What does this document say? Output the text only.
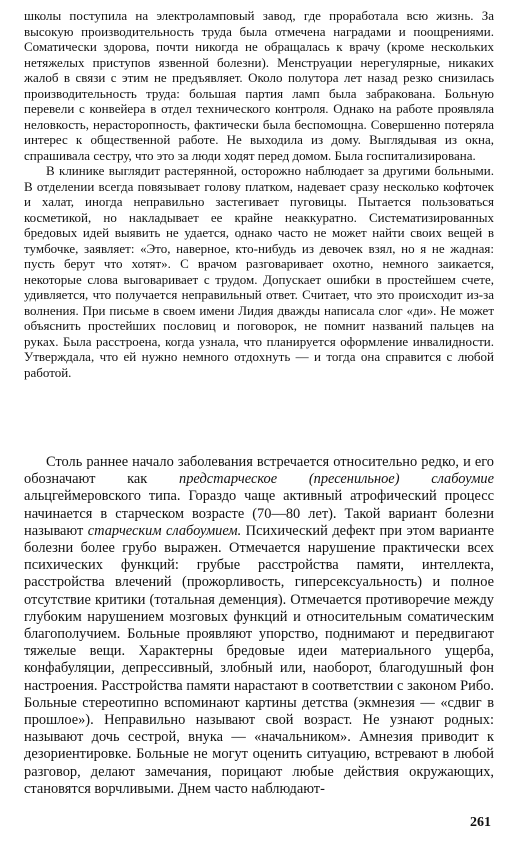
школы поступила на электроламповый завод, где проработала всю жизнь. За высокую производительность труда была отмечена наградами и поощрениями. Соматически здорова, почти никогда не обращалась к врачу (кроме нескольких нетяжелых приступов язвенной болезни). Менструации нерегулярные, никаких жалоб в связи с этим не предъявляет. Около полутора лет назад резко снизилась производительность труда: большая партия ламп была забракована. Больную перевели с конвейера в отдел технического контроля. Однако на работе проявляла неловкость, нерасторопность, фактически была беспомощна. Совершенно потеряла интерес к общественной работе. Не выходила из дому. Выглядывая из окна, спрашивала сестру, что это за люди ходят перед домом. Была госпитализирована.

В клинике выглядит растерянной, осторожно наблюдает за другими больными. В отделении всегда повязывает голову платком, надевает сразу несколько кофточек и халат, иногда неправильно застегивает пуговицы. Пытается пользоваться косметикой, но накладывает ее крайне неаккуратно. Систематизированных бредовых идей выявить не удается, однако часто не может найти своих вещей в тумбочке, заявляет: «Это, наверное, кто-нибудь из девочек взял, но я не жадная: пусть берут что хотят». С врачом разговаривает охотно, немного заикается, некоторые слова выговаривает с трудом. Допускает ошибки в простейшем счете, удивляется, что получается неправильный ответ. Считает, что это происходит из-за волнения. При письме в своем имени Лидия дважды написала слог «ди». Не может объяснить простейших пословиц и поговорок, не помнит названий пальцев на руках. Была расстроена, когда узнала, что планируется оформление инвалидности. Утверждала, что ей нужно немного отдохнуть — и тогда она справится с любой работой.

Столь раннее начало заболевания встречается относительно редко, и его обозначают как предстарческое (пресенильное) слабоумие альцгеймеровского типа. Гораздо чаще активный атрофический процесс начинается в старческом возрасте (70—80 лет). Такой вариант болезни называют старческим слабоумием. Психический дефект при этом варианте болезни более грубо выражен. Отмечается нарушение практически всех психических функций: грубые расстройства памяти, интеллекта, расстройства влечений (прожорливость, гиперсексуальность) и полное отсутствие критики (тотальная деменция). Отмечается противоречие между глубоким нарушением мозговых функций и относительным соматическим благополучием. Больные проявляют упорство, поднимают и передвигают тяжелые вещи. Характерны бредовые идеи материального ущерба, конфабуляции, депрессивный, злобный или, наоборот, благодушный фон настроения. Расстройства памяти нарастают в соответствии с законом Рибо. Больные стереотипно вспоминают картины детства (экмнезия — «сдвиг в прошлое»). Неправильно называют свой возраст. Не узнают родных: называют дочь сестрой, внука — «начальником». Амнезия приводит к дезориентировке. Больные не могут оценить ситуацию, встревают в любой разговор, делают замечания, порицают любые действия окружающих, становятся ворчливыми. Днем часто наблюдают-

261
